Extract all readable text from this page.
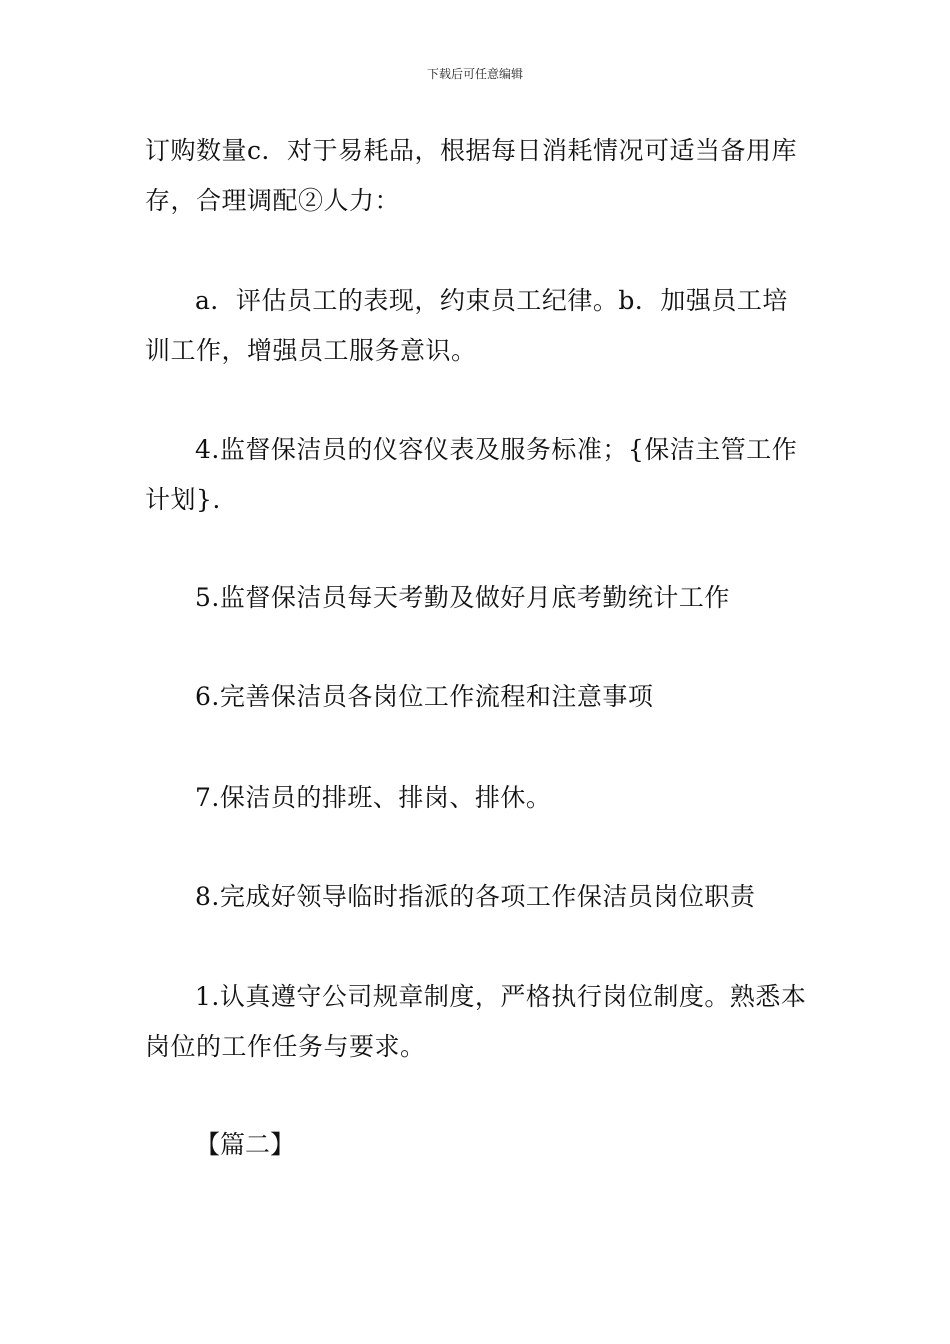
下载后可任意编辑

订购数量c．对于易耗品，根据每日消耗情况可适当备用库存，合理调配②人力：

a．评估员工的表现，约束员工纪律。b．加强员工培训工作，增强员工服务意识。

4.监督保洁员的仪容仪表及服务标准；{保洁主管工作计划}.

5.监督保洁员每天考勤及做好月底考勤统计工作

6.完善保洁员各岗位工作流程和注意事项

7.保洁员的排班、排岗、排休。

8.完成好领导临时指派的各项工作保洁员岗位职责

1.认真遵守公司规章制度，严格执行岗位制度。熟悉本岗位的工作任务与要求。

【篇二】
